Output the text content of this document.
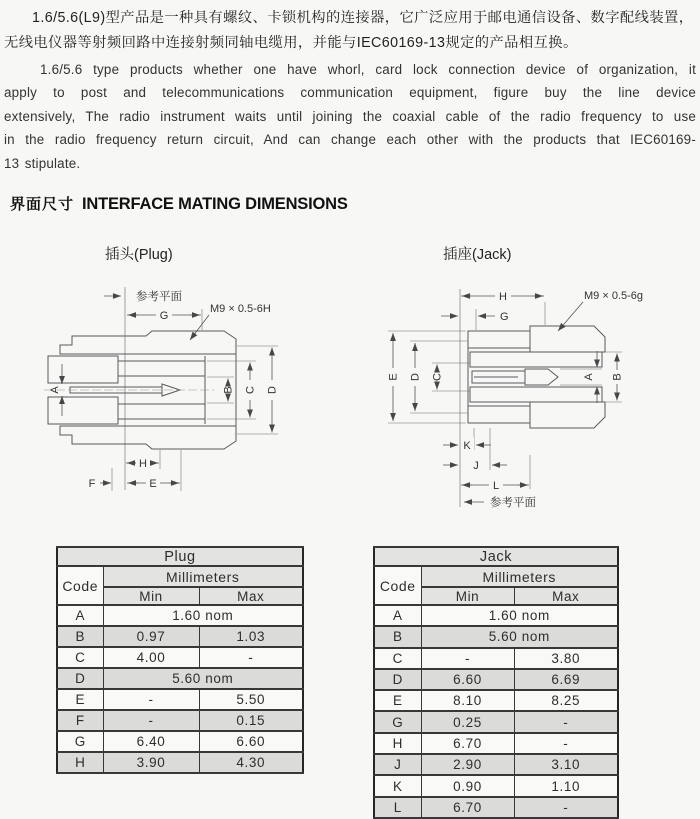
1.6/5.6(L9)型产品是一种具有螺纹、卡锁机构的连接器，它广泛应用于邮电通信设备、数字配线装置，
无线电仪器等射频回路中连接射频同轴电缆用，并能与IEC60169-13规定的产品相互换。
1.6/5.6 type products whether one have whorl, card lock connection device of organization, it
apply to post and telecommunications communication equipment, figure buy the line device
extensively, The radio instrument waits until joining the coaxial cable of the radio frequency to use
in the radio frequency return circuit, And can change each other with the products that IEC60169-
13 stipulate.
界面尺寸 INTERFACE MATING DIMENSIONS
插头(Plug)	插座(Jack)
参考平面
G
M9 × 0.5-6H
A	B C D
H
F	E
H
G
M9 × 0.5-6g
E D C	A B
K
J
L
参考平面
Plug		
Code	Millimeters	
	Min	Max
A	1.60 nom	
B	0.97	1.03
C	4.00	-
D	5.60 nom	
E	-	5.50
F	-	0.15
G	6.40	6.60
H	3.90	4.30
Jack		
Code	Millimeters	
	Min	Max
A	1.60 nom	
B	5.60 nom	
C	-	3.80
D	6.60	6.69
E	8.10	8.25
G	0.25	-
H	6.70	-
J	2.90	3.10
K	0.90	1.10
L	6.70	-
